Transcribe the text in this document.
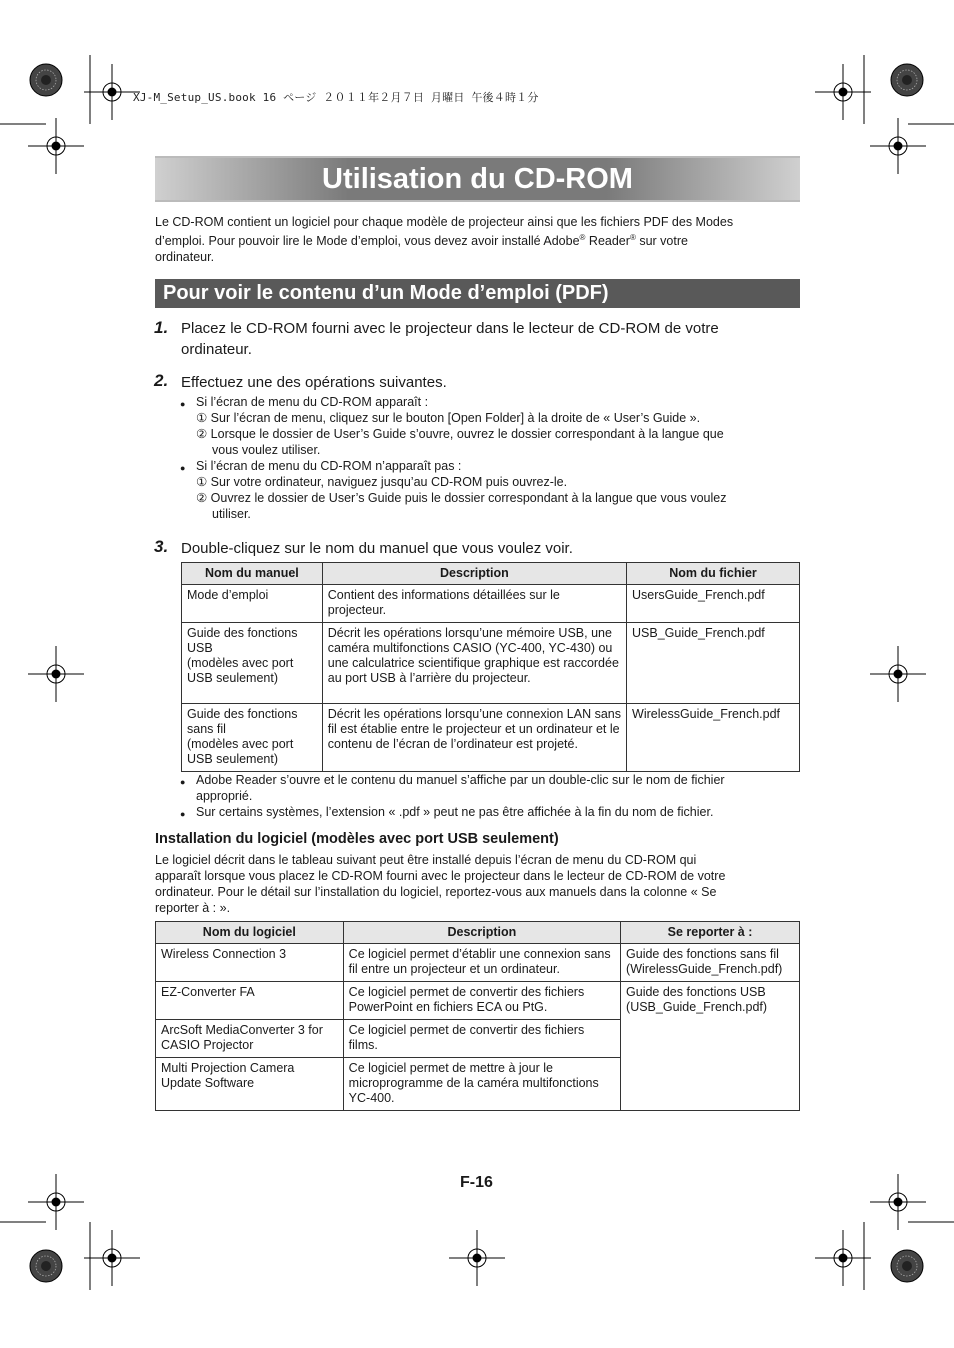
XJ-M_Setup_US.book 16 ページ ２０１１年２月７日 月曜日 午後４時１分
Utilisation du CD-ROM
Le CD-ROM contient un logiciel pour chaque modèle de projecteur ainsi que les fichiers PDF des Modes
d’emploi. Pour pouvoir lire le Mode d’emploi, vous devez avoir installé Adobe® Reader® sur votre
ordinateur.
Pour voir le contenu d’un Mode d’emploi (PDF)
1. Placez le CD-ROM fourni avec le projecteur dans le lecteur de CD-ROM de votre
ordinateur.
2. Effectuez une des opérations suivantes.
● Si l’écran de menu du CD-ROM apparaît :
① Sur l’écran de menu, cliquez sur le bouton [Open Folder] à la droite de « User’s Guide ».
② Lorsque le dossier de User’s Guide s’ouvre, ouvrez le dossier correspondant à la langue que
vous voulez utiliser.
● Si l’écran de menu du CD-ROM n’apparaît pas :
① Sur votre ordinateur, naviguez jusqu’au CD-ROM puis ouvrez-le.
② Ouvrez le dossier de User’s Guide puis le dossier correspondant à la langue que vous voulez
utiliser.
3. Double-cliquez sur le nom du manuel que vous voulez voir.
Nom du manuel	Description	Nom du fichier
Mode d’emploi	Contient des informations détaillées sur le projecteur.	UsersGuide_French.pdf
Guide des fonctions USB
(modèles avec port USB seulement)	Décrit les opérations lorsqu’une mémoire USB, une caméra multifonctions CASIO (YC-400, YC-430) ou une calculatrice scientifique graphique est raccordée au port USB à l’arrière du projecteur.	USB_Guide_French.pdf
Guide des fonctions sans fil
(modèles avec port USB seulement)	Décrit les opérations lorsqu’une connexion LAN sans fil est établie entre le projecteur et un ordinateur et le contenu de l’écran de l’ordinateur est projeté.	WirelessGuide_French.pdf
● Adobe Reader s’ouvre et le contenu du manuel s’affiche par un double-clic sur le nom de fichier
approprié.
● Sur certains systèmes, l’extension « .pdf » peut ne pas être affichée à la fin du nom de fichier.
Installation du logiciel (modèles avec port USB seulement)
Le logiciel décrit dans le tableau suivant peut être installé depuis l’écran de menu du CD-ROM qui
apparaît lorsque vous placez le CD-ROM fourni avec le projecteur dans le lecteur de CD-ROM de votre
ordinateur. Pour le détail sur l’installation du logiciel, reportez-vous aux manuels dans la colonne « Se
reporter à : ».
Nom du logiciel	Description	Se reporter à :
Wireless Connection 3	Ce logiciel permet d’établir une connexion sans fil entre un projecteur et un ordinateur.	Guide des fonctions sans fil (WirelessGuide_French.pdf)
EZ-Converter FA	Ce logiciel permet de convertir des fichiers PowerPoint en fichiers ECA ou PtG.	Guide des fonctions USB (USB_Guide_French.pdf)
ArcSoft MediaConverter 3 for CASIO Projector	Ce logiciel permet de convertir des fichiers films.	
Multi Projection Camera Update Software	Ce logiciel permet de mettre à jour le microprogramme de la caméra multifonctions YC-400.	
F-16
